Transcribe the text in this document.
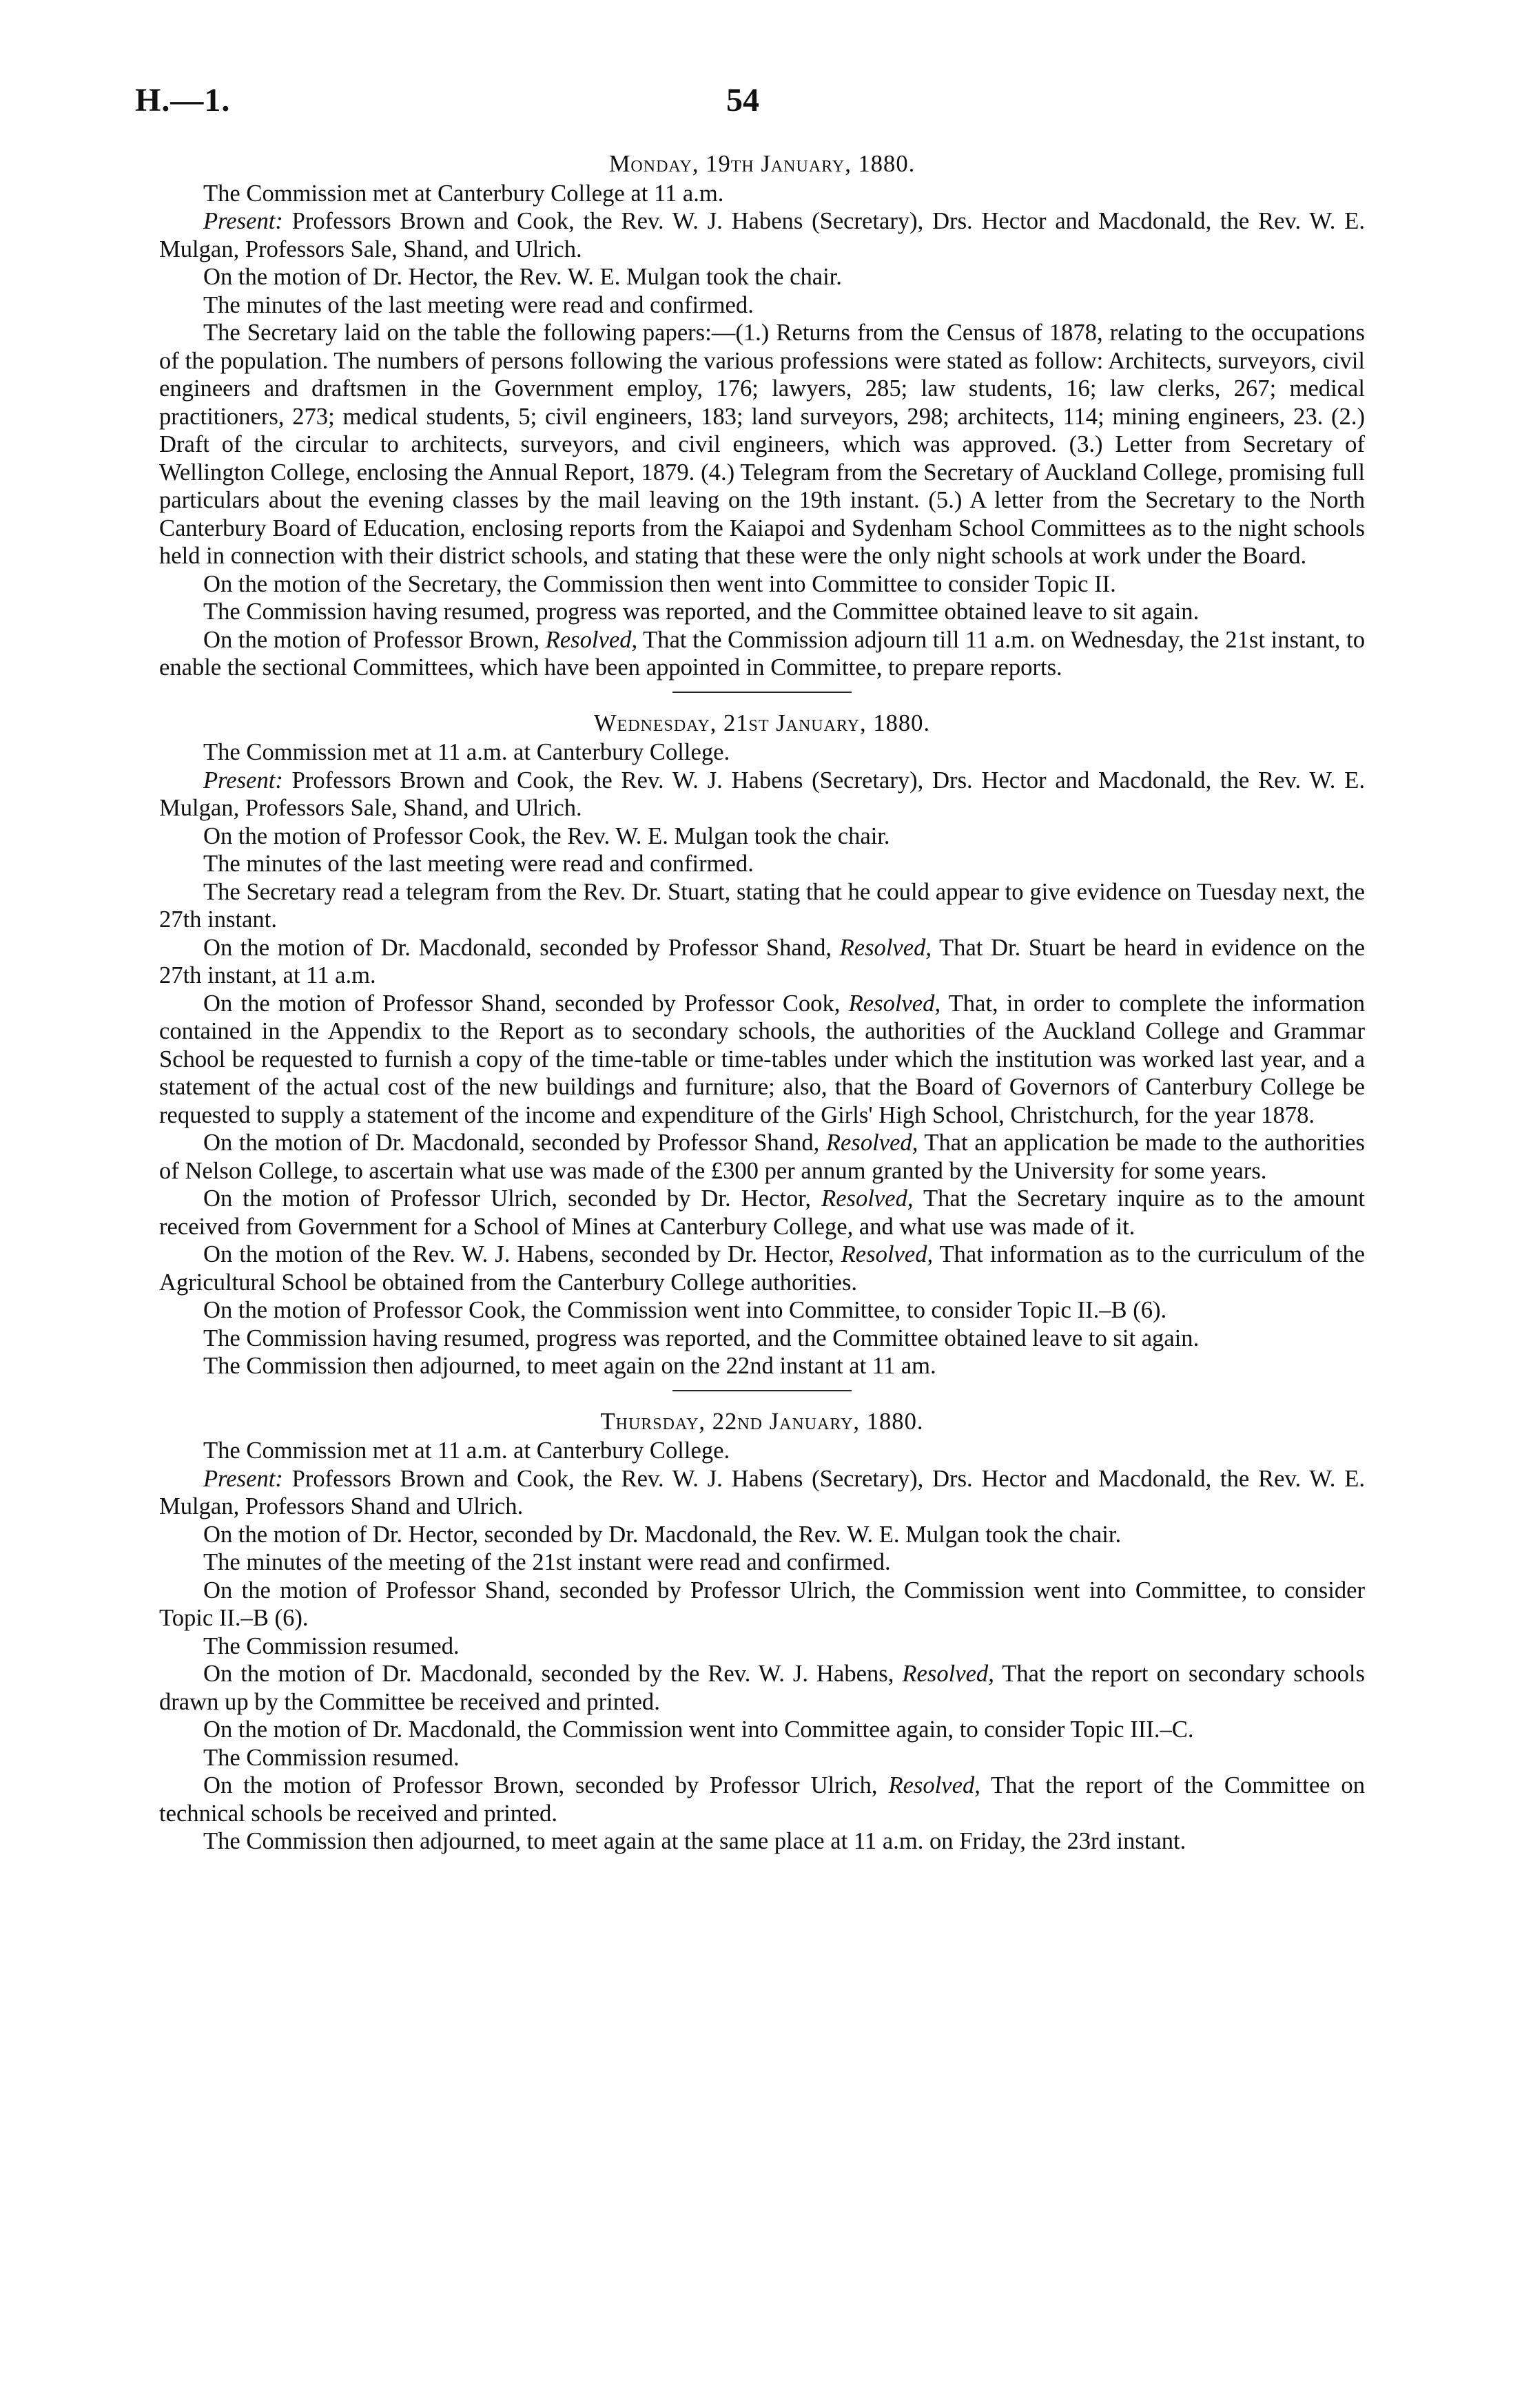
H.—1.	54

Monday, 19th January, 1880.

The Commission met at Canterbury College at 11 a.m.

Present: Professors Brown and Cook, the Rev. W. J. Habens (Secretary), Drs. Hector and Macdonald, the Rev. W. E. Mulgan, Professors Sale, Shand, and Ulrich.

On the motion of Dr. Hector, the Rev. W. E. Mulgan took the chair.

The minutes of the last meeting were read and confirmed.

The Secretary laid on the table the following papers:—(1.) Returns from the Census of 1878, relating to the occupations of the population. The numbers of persons following the various professions were stated as follow: Architects, surveyors, civil engineers and draftsmen in the Government employ, 176; lawyers, 285; law students, 16; law clerks, 267; medical practitioners, 273; medical students, 5; civil engineers, 183; land surveyors, 298; architects, 114; mining engineers, 23. (2.) Draft of the circular to architects, surveyors, and civil engineers, which was approved. (3.) Letter from Secretary of Wellington College, enclosing the Annual Report, 1879. (4.) Telegram from the Secretary of Auckland College, promising full particulars about the evening classes by the mail leaving on the 19th instant. (5.) A letter from the Secretary to the North Canterbury Board of Education, enclosing reports from the Kaiapoi and Sydenham School Committees as to the night schools held in connection with their district schools, and stating that these were the only night schools at work under the Board.

On the motion of the Secretary, the Commission then went into Committee to consider Topic II.

The Commission having resumed, progress was reported, and the Committee obtained leave to sit again.

On the motion of Professor Brown, Resolved, That the Commission adjourn till 11 a.m. on Wednesday, the 21st instant, to enable the sectional Committees, which have been appointed in Committee, to prepare reports.

Wednesday, 21st January, 1880.

The Commission met at 11 a.m. at Canterbury College.

Present: Professors Brown and Cook, the Rev. W. J. Habens (Secretary), Drs. Hector and Macdonald, the Rev. W. E. Mulgan, Professors Sale, Shand, and Ulrich.

On the motion of Professor Cook, the Rev. W. E. Mulgan took the chair.

The minutes of the last meeting were read and confirmed.

The Secretary read a telegram from the Rev. Dr. Stuart, stating that he could appear to give evidence on Tuesday next, the 27th instant.

On the motion of Dr. Macdonald, seconded by Professor Shand, Resolved, That Dr. Stuart be heard in evidence on the 27th instant, at 11 a.m.

On the motion of Professor Shand, seconded by Professor Cook, Resolved, That, in order to complete the information contained in the Appendix to the Report as to secondary schools, the authorities of the Auckland College and Grammar School be requested to furnish a copy of the time-table or time-tables under which the institution was worked last year, and a statement of the actual cost of the new buildings and furniture; also, that the Board of Governors of Canterbury College be requested to supply a statement of the income and expenditure of the Girls' High School, Christchurch, for the year 1878.

On the motion of Dr. Macdonald, seconded by Professor Shand, Resolved, That an application be made to the authorities of Nelson College, to ascertain what use was made of the £300 per annum granted by the University for some years.

On the motion of Professor Ulrich, seconded by Dr. Hector, Resolved, That the Secretary inquire as to the amount received from Government for a School of Mines at Canterbury College, and what use was made of it.

On the motion of the Rev. W. J. Habens, seconded by Dr. Hector, Resolved, That information as to the curriculum of the Agricultural School be obtained from the Canterbury College authorities.

On the motion of Professor Cook, the Commission went into Committee, to consider Topic II.–B (6).

The Commission having resumed, progress was reported, and the Committee obtained leave to sit again.

The Commission then adjourned, to meet again on the 22nd instant at 11 am.

Thursday, 22nd January, 1880.

The Commission met at 11 a.m. at Canterbury College.

Present: Professors Brown and Cook, the Rev. W. J. Habens (Secretary), Drs. Hector and Macdonald, the Rev. W. E. Mulgan, Professors Shand and Ulrich.

On the motion of Dr. Hector, seconded by Dr. Macdonald, the Rev. W. E. Mulgan took the chair.

The minutes of the meeting of the 21st instant were read and confirmed.

On the motion of Professor Shand, seconded by Professor Ulrich, the Commission went into Committee, to consider Topic II.–B (6).

The Commission resumed.

On the motion of Dr. Macdonald, seconded by the Rev. W. J. Habens, Resolved, That the report on secondary schools drawn up by the Committee be received and printed.

On the motion of Dr. Macdonald, the Commission went into Committee again, to consider Topic III.–C.

The Commission resumed.

On the motion of Professor Brown, seconded by Professor Ulrich, Resolved, That the report of the Committee on technical schools be received and printed.

The Commission then adjourned, to meet again at the same place at 11 a.m. on Friday, the 23rd instant.
